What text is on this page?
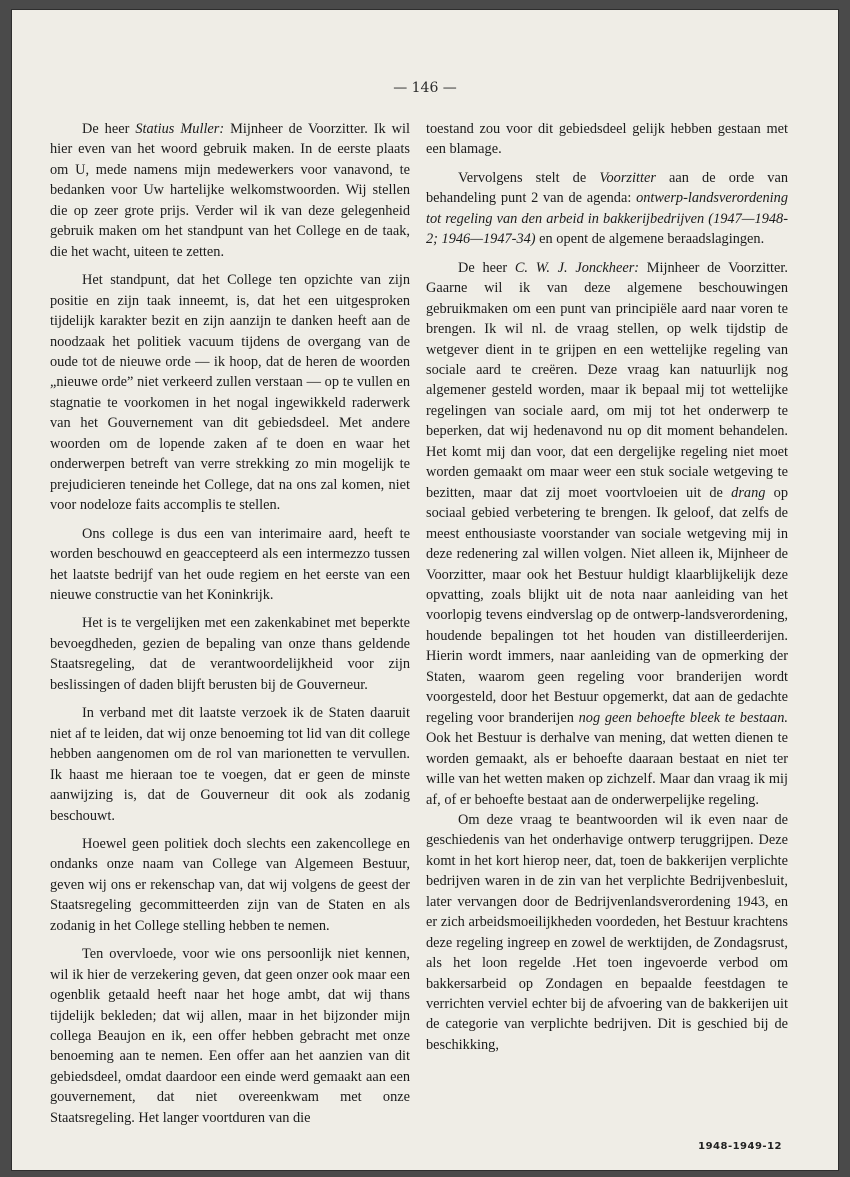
— 146 —

De heer Statius Muller: Mijnheer de Voorzitter. Ik wil hier even van het woord gebruik maken. In de eerste plaats om U, mede namens mijn medewerkers voor vanavond, te bedanken voor Uw hartelijke welkomstwoorden. Wij stellen die op zeer grote prijs. Verder wil ik van deze gelegenheid gebruik maken om het standpunt van het College en de taak, die het wacht, uiteen te zetten.

Het standpunt, dat het College ten opzichte van zijn positie en zijn taak inneemt, is, dat het een uitgesproken tijdelijk karakter bezit en zijn aanzijn te danken heeft aan de noodzaak het politiek vacuum tijdens de overgang van de oude tot de nieuwe orde — ik hoop, dat de heren de woorden „nieuwe orde” niet verkeerd zullen verstaan — op te vullen en stagnatie te voorkomen in het nogal ingewikkeld raderwerk van het Gouvernement van dit gebiedsdeel. Met andere woorden om de lopende zaken af te doen en waar het onderwerpen betreft van verre strekking zo min mogelijk te prejudicieren teneinde het College, dat na ons zal komen, niet voor nodeloze faits accomplis te stellen.

Ons college is dus een van interimaire aard, heeft te worden beschouwd en geaccepteerd als een intermezzo tussen het laatste bedrijf van het oude regiem en het eerste van een nieuwe constructie van het Koninkrijk.

Het is te vergelijken met een zakenkabinet met beperkte bevoegdheden, gezien de bepaling van onze thans geldende Staatsregeling, dat de verantwoordelijkheid voor zijn beslissingen of daden blijft berusten bij de Gouverneur.

In verband met dit laatste verzoek ik de Staten daaruit niet af te leiden, dat wij onze benoeming tot lid van dit college hebben aangenomen om de rol van marionetten te vervullen. Ik haast me hieraan toe te voegen, dat er geen de minste aanwijzing is, dat de Gouverneur dit ook als zodanig beschouwt.

Hoewel geen politiek doch slechts een zakencollege en ondanks onze naam van College van Algemeen Bestuur, geven wij ons er rekenschap van, dat wij volgens de geest der Staatsregeling gecommitteerden zijn van de Staten en als zodanig in het College stelling hebben te nemen.

Ten overvloede, voor wie ons persoonlijk niet kennen, wil ik hier de verzekering geven, dat geen onzer ook maar een ogenblik getaald heeft naar het hoge ambt, dat wij thans tijdelijk bekleden; dat wij allen, maar in het bijzonder mijn collega Beaujon en ik, een offer hebben gebracht met onze benoeming aan te nemen. Een offer aan het aanzien van dit gebiedsdeel, omdat daardoor een einde werd gemaakt aan een gouvernement, dat niet overeenkwam met onze Staatsregeling. Het langer voortduren van die

toestand zou voor dit gebiedsdeel gelijk hebben gestaan met een blamage.

Vervolgens stelt de Voorzitter aan de orde van behandeling punt 2 van de agenda: ontwerp-landsverordening tot regeling van den arbeid in bakkerijbedrijven (1947—1948-2; 1946—1947-34) en opent de algemene beraadslagingen.

De heer C. W. J. Jonckheer: Mijnheer de Voorzitter. Gaarne wil ik van deze algemene beschouwingen gebruikmaken om een punt van principiële aard naar voren te brengen. Ik wil nl. de vraag stellen, op welk tijdstip de wetgever dient in te grijpen en een wettelijke regeling van sociale aard te creëren. Deze vraag kan natuurlijk nog algemener gesteld worden, maar ik bepaal mij tot wettelijke regelingen van sociale aard, om mij tot het onderwerp te beperken, dat wij hedenavond nu op dit moment behandelen. Het komt mij dan voor, dat een dergelijke regeling niet moet worden gemaakt om maar weer een stuk sociale wetgeving te bezitten, maar dat zij moet voortvloeien uit de drang op sociaal gebied verbetering te brengen. Ik geloof, dat zelfs de meest enthousiaste voorstander van sociale wetgeving mij in deze redenering zal willen volgen. Niet alleen ik, Mijnheer de Voorzitter, maar ook het Bestuur huldigt klaarblijkelijk deze opvatting, zoals blijkt uit de nota naar aanleiding van het voorlopig tevens eindverslag op de ontwerp-landsverordening, houdende bepalingen tot het houden van distilleerderijen. Hierin wordt immers, naar aanleiding van de opmerking der Staten, waarom geen regeling voor branderijen wordt voorgesteld, door het Bestuur opgemerkt, dat aan de gedachte regeling voor branderijen nog geen behoefte bleek te bestaan. Ook het Bestuur is derhalve van mening, dat wetten dienen te worden gemaakt, als er behoefte daaraan bestaat en niet ter wille van het wetten maken op zichzelf. Maar dan vraag ik mij af, of er behoefte bestaat aan de onderwerpelijke regeling.

Om deze vraag te beantwoorden wil ik even naar de geschiedenis van het onderhavige ontwerp teruggrijpen. Deze komt in het kort hierop neer, dat, toen de bakkerijen verplichte bedrijven waren in de zin van het verplichte Bedrijvenbesluit, later vervangen door de Bedrijvenlandsverordening 1943, en er zich arbeidsmoeilijkheden voordeden, het Bestuur krachtens deze regeling ingreep en zowel de werktijden, de Zondagsrust, als het loon regelde .Het toen ingevoerde verbod om bakkersarbeid op Zondagen en bepaalde feestdagen te verrichten verviel echter bij de afvoering van de bakkerijen uit de categorie van verplichte bedrijven. Dit is geschied bij de beschikking,

1948-1949-12
